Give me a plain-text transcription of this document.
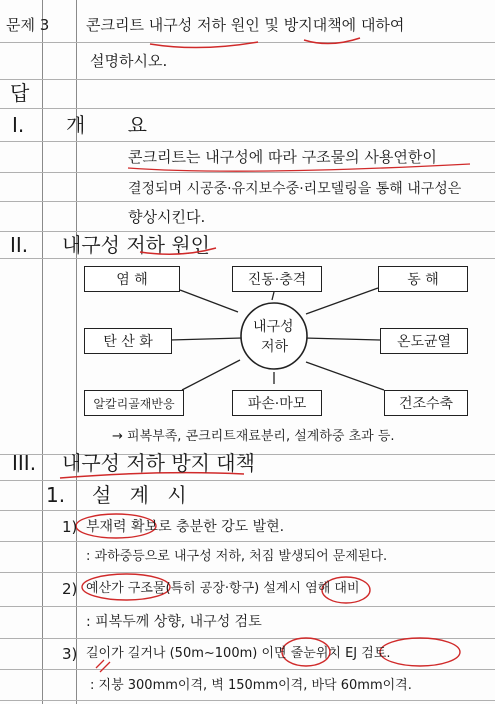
문제 3 콘크리트 내구성 저하 원인 및 방지대책에 대하여
설명하시오.
답
I. 개 요
콘크리트는 내구성에 따라 구조물의 사용연한이
결정되며 시공중·유지보수중·리모델링을 통해 내구성은
향상시킨다.
II. 내구성 저하 원인
내구성
저하
염 해	진동·충격	동 해
탄 산 화	온도균열
알칼리골재반응	파손·마모	건조수축
→ 피복부족, 콘크리트재료분리, 설계하중 초과 등.
III. 내구성 저하 방지 대책
1. 설 계 시
1) 부재력 확보로 충분한 강도 발현.
: 과하중등으로 내구성 저하, 처짐 발생되어 문제된다.
2) 예산가 구조물(특히 공장·항구) 설계시 염해 대비
: 피복두께 상향, 내구성 검토
3) 길이가 길거나 (50m~100m) 이면 줄눈위치 EJ 검토.
: 지붕 300mm이격, 벽 150mm이격, 바닥 60mm이격.
